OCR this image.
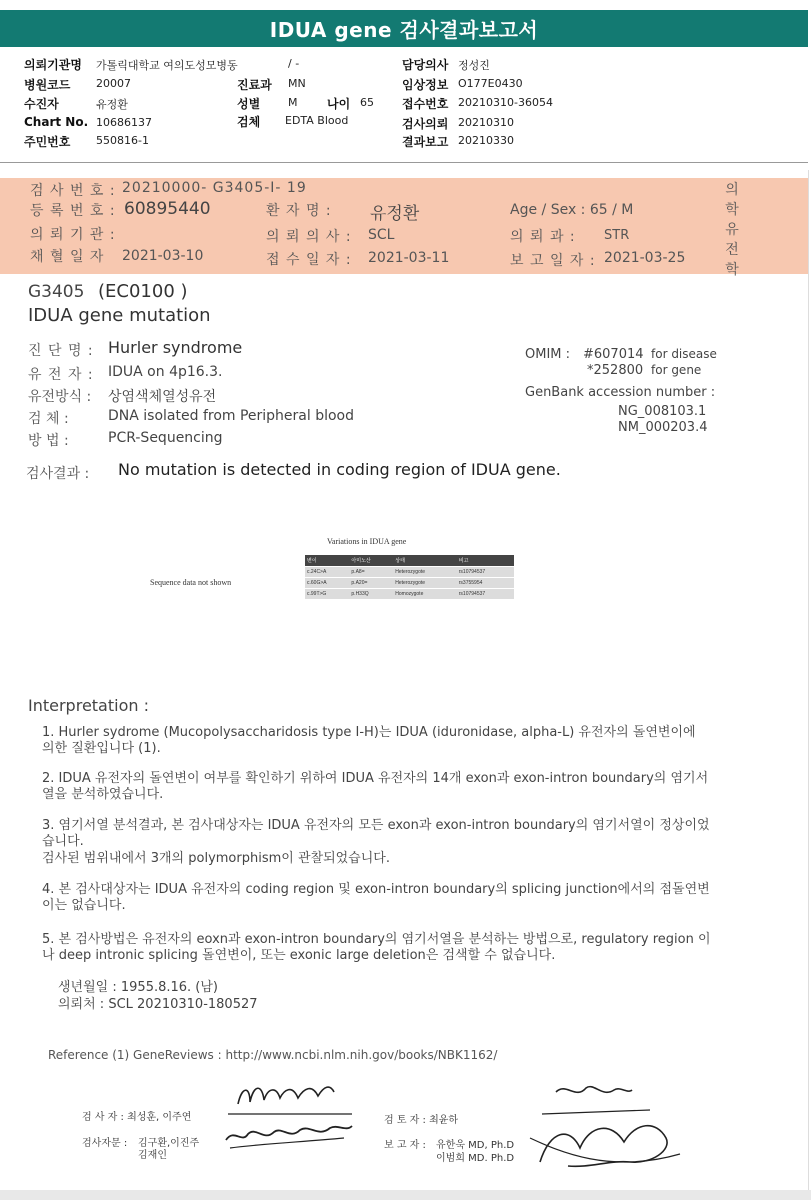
IDUA gene 검사결과보고서
의뢰기관명 가톨릭대학교 여의도성모병동	/ -	담당의사 정성진
병원코드 20007	진료과 MN	임상정보 O177E0430
수진자	유정환	성별	M 나이 65 접수번호 20210310-36054
Chart No. 10686137	검체 EDTA Blood	검사의뢰 20210310
주민번호 550816-1	결과보고 20210330
검 사 번 호 : 20210000- G3405-I- 19
등 록 번 호 : 60895440	환 자 명 : 유정환	Age / Sex : 65 / M
의 뢰 기 관 :	의 뢰 의 사 : SCL	의 뢰 과 : STR
채 혈 일 자 2021-03-10	접 수 일 자 : 2021-03-11	보 고 일 자 : 2021-03-25
의
학
유
전
학
G3405 (EC0100 )
IDUA gene mutation
진 단 명 : Hurler syndrome
유 전 자 : IDUA on 4p16.3.
유전방식 : 상염색체열성유전
검 체 :	DNA isolated from Peripheral blood
방 법 :	PCR-Sequencing
OMIM : #607014 for disease
*252800 for gene
GenBank accession number :
NG_008103.1
NM_000203.4
검사결과 : No mutation is detected in coding region of IDUA gene.
Variations in IDUA gene
Sequence data not shown
변이	아미노산	상태	비고
c.24C>A	p.A8=	Heterozygote	rs10794537
c.60G>A	p.A20=	Heterozygote	rs3755954
c.99T>G	p.H33Q	Homozygote	rs10794537
Interpretation :
1. Hurler sydrome (Mucopolysaccharidosis type I-H)는 IDUA (iduronidase, alpha-L) 유전자의 돌연변이에 의한 질환입니다 (1).
2. IDUA 유전자의 돌연변이 여부를 확인하기 위하여 IDUA 유전자의 14개 exon과 exon-intron boundary의 염기서열을 분석하였습니다.
3. 염기서열 분석결과, 본 검사대상자는 IDUA 유전자의 모든 exon과 exon-intron boundary의 염기서열이 정상이었습니다.
검사된 범위내에서 3개의 polymorphism이 관찰되었습니다.
4. 본 검사대상자는 IDUA 유전자의 coding region 및 exon-intron boundary의 splicing junction에서의 점돌연변이는 없습니다.
5. 본 검사방법은 유전자의 eoxn과 exon-intron boundary의 염기서열을 분석하는 방법으로, regulatory region 이나 deep intronic splicing 돌연변이, 또는 exonic large deletion은 검색할 수 없습니다.
생년월일 : 1955.8.16. (남)
의뢰처 : SCL 20210310-180527
Reference (1) GeneReviews : http://www.ncbi.nlm.nih.gov/books/NBK1162/
검 사 자 : 최성훈, 이주연
검사자문 : 김구환,이진주
김재인
검 토 자 : 최윤하
보 고 자 : 유한욱 MD, Ph.D
이범희 MD. Ph.D
